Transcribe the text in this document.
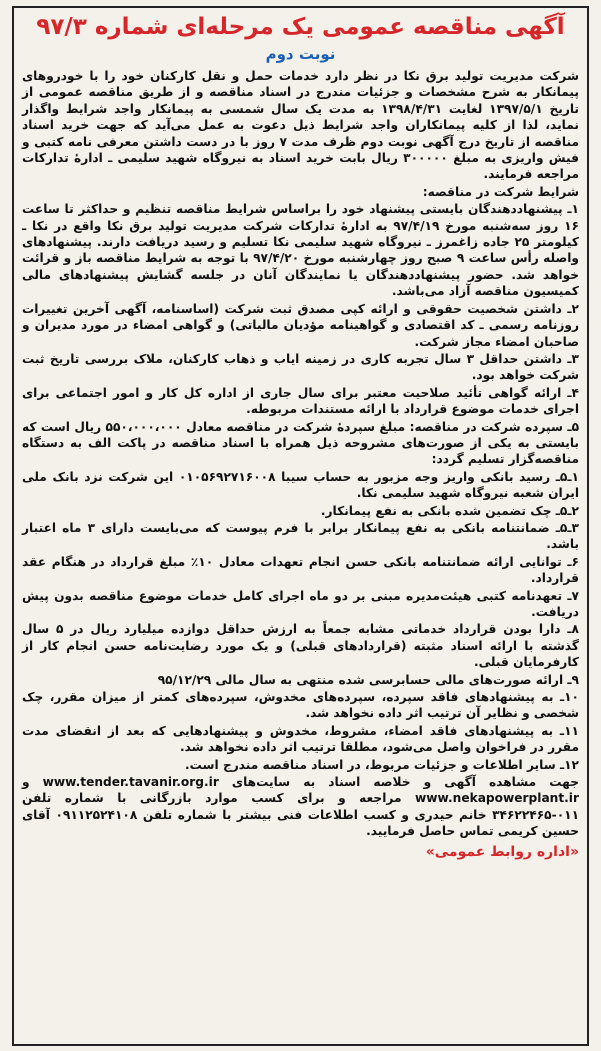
آگهی مناقصه عمومی یک مرحله‌ای شماره ۹۷/۳
نوبت دوم

شرکت مدیریت تولید برق نکا در نظر دارد خدمات حمل و نقل کارکنان خود را با خودروهای پیمانکار به شرح مشخصات و جزئیات مندرج در اسناد مناقصه و از طریق مناقصه عمومی از تاریخ ۱۳۹۷/۵/۱ لغایت ۱۳۹۸/۴/۳۱ به مدت یک سال شمسی به پیمانکار واجد شرایط واگذار نماید، لذا از کلیه پیمانکاران واجد شرایط ذیل دعوت به عمل می‌آید که جهت خرید اسناد مناقصه از تاریخ درج آگهی نوبت دوم ظرف مدت ۷ روز با در دست داشتن معرفی نامه کتبی و فیش واریزی به مبلغ ۳۰۰۰۰۰ ریال بابت خرید اسناد به نیروگاه شهید سلیمی ـ ادارهٔ تدارکات مراجعه فرمایند.

شرایط شرکت در مناقصه:

۱ـ پیشنهاددهندگان بایستی پیشنهاد خود را براساس شرایط مناقصه تنظیم و حداکثر تا ساعت ۱۶ روز سه‌شنبه مورخ ۹۷/۴/۱۹ به ادارهٔ تدارکات شرکت مدیریت تولید برق نکا واقع در نکا ـ کیلومتر ۲۵ جاده زاغمرز ـ نیروگاه شهید سلیمی نکا تسلیم و رسید دریافت دارند. پیشنهادهای واصله رأس ساعت ۹ صبح روز چهارشنبه مورخ ۹۷/۴/۲۰ با توجه به شرایط مناقصه باز و قرائت خواهد شد. حضور پیشنهاددهندگان یا نمایندگان آنان در جلسه گشایش پیشنهادهای مالی کمیسیون مناقصه آزاد می‌باشد.

۲ـ داشتن شخصیت حقوقی و ارائه کپی مصدق ثبت شرکت (اساسنامه، آگهی آخرین تغییرات روزنامه رسمی ـ کد اقتصادی و گواهینامه مؤدیان مالیاتی) و گواهی امضاء در مورد مدیران و صاحبان امضاء مجاز شرکت.

۳ـ داشتن حداقل ۳ سال تجربه کاری در زمینه ایاب و ذهاب کارکنان، ملاک بررسی تاریخ ثبت شرکت خواهد بود.

۴ـ ارائه گواهی تأئید صلاحیت معتبر برای سال جاری از اداره کل کار و امور اجتماعی برای اجرای خدمات موضوع قرارداد با ارائه مستندات مربوطه.

۵ـ سپرده شرکت در مناقصه: مبلغ سپردهٔ شرکت در مناقصه معادل ۵۵۰،۰۰۰،۰۰۰ ریال است که بایستی به یکی از صورت‌های مشروحه ذیل همراه با اسناد مناقصه در پاکت الف به دستگاه مناقصه‌گزار تسلیم گردد:

۱ـ۵ـ رسید بانکی واریز وجه مزبور به حساب سیبا ۰۱۰۵۶۹۲۷۱۶۰۰۸ این شرکت نزد بانک ملی ایران شعبه نیروگاه شهید سلیمی نکا.

۲ـ۵ـ چک تضمین شده بانکی به نفع پیمانکار.

۳ـ۵ـ ضمانتنامه بانکی به نفع پیمانکار برابر با فرم پیوست که می‌بایست دارای ۳ ماه اعتبار باشد.

۶ـ توانایی ارائه ضمانتنامه بانکی حسن انجام تعهدات معادل ۱۰٪ مبلغ قرارداد در هنگام عقد قرارداد.

۷ـ تعهدنامه کتبی هیئت‌مدیره مبنی بر دو ماه اجرای کامل خدمات موضوع مناقصه بدون پیش دریافت.

۸ـ دارا بودن قرارداد خدماتی مشابه جمعاً به ارزش حداقل دوازده میلیارد ریال در ۵ سال گذشته با ارائه اسناد مثبته (قراردادهای قبلی) و یک مورد رضایت‌نامه حسن انجام کار از کارفرمایان قبلی.

۹ـ ارائه صورت‌های مالی حسابرسی شده منتهی به سال مالی ۹۵/۱۲/۲۹

۱۰ـ به پیشنهادهای فاقد سپرده، سپرده‌های مخدوش، سپرده‌های کمتر از میزان مقرر، چک شخصی و نظایر آن ترتیب اثر داده نخواهد شد.

۱۱ـ به پیشنهادهای فاقد امضاء، مشروط، مخدوش و پیشنهادهایی که بعد از انقضای مدت مقرر در فراخوان واصل می‌شود، مطلقا ترتیب اثر داده نخواهد شد.

۱۲ـ سایر اطلاعات و جزئیات مربوط، در اسناد مناقصه مندرج است.

جهت مشاهده آگهی و خلاصه اسناد به سایت‌های www.tender.tavanir.org.ir و www.nekapowerplant.ir مراجعه و برای کسب موارد بازرگانی با شماره تلفن ۰۱۱-۳۴۶۲۲۴۶۵ خانم حیدری و کسب اطلاعات فنی بیشتر با شماره تلفن ۰۹۱۱۲۵۲۴۱۰۸ آقای حسین کریمی تماس حاصل فرمایید.

«اداره روابط عمومی»
